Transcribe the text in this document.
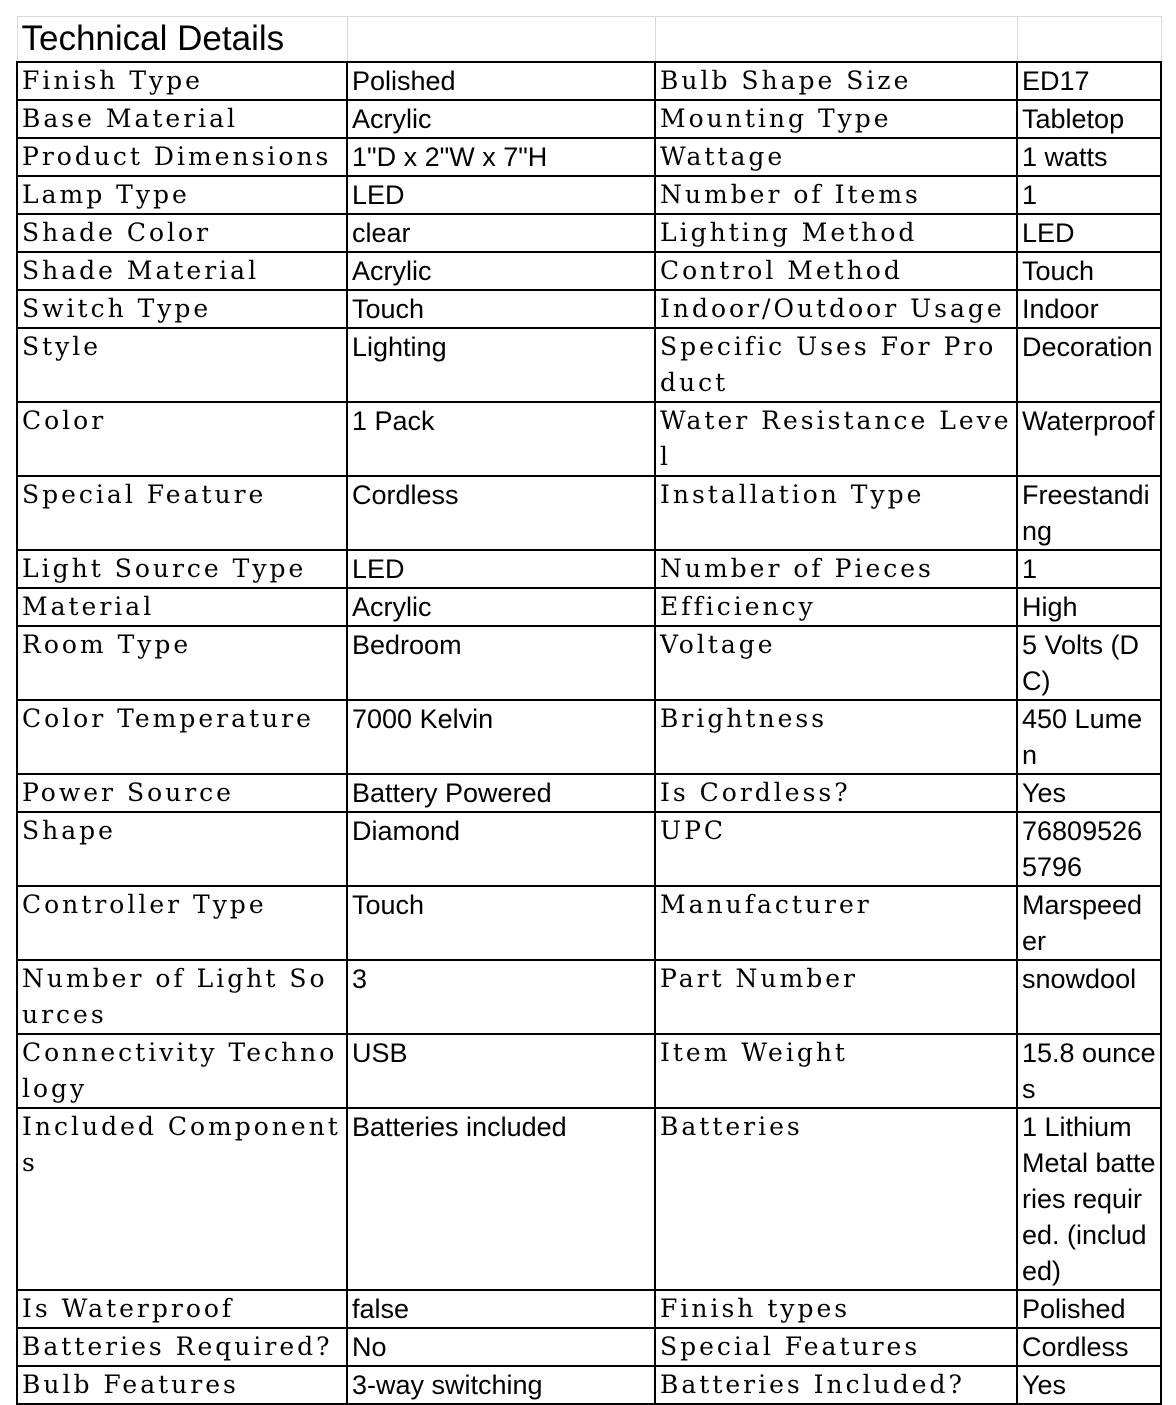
Technical Details			
Finish Type	Polished	Bulb Shape Size	ED17
Base Material	Acrylic	Mounting Type	Tabletop
Product Dimensions	1"D x 2"W x 7"H	Wattage	1 watts
Lamp Type	LED	Number of Items	1
Shade Color	clear	Lighting Method	LED
Shade Material	Acrylic	Control Method	Touch
Switch Type	Touch	Indoor/Outdoor Usage	Indoor
Style	Lighting	Specific Uses For Product	Decoration
Color	1 Pack	Water Resistance Level	Waterproof
Special Feature	Cordless	Installation Type	Freestanding
Light Source Type	LED	Number of Pieces	1
Material	Acrylic	Efficiency	High
Room Type	Bedroom	Voltage	5 Volts (DC)
Color Temperature	7000 Kelvin	Brightness	450 Lumen
Power Source	Battery Powered	Is Cordless?	Yes
Shape	Diamond	UPC	768095265796
Controller Type	Touch	Manufacturer	Marspeeder
Number of Light Sources	3	Part Number	snowdool
Connectivity Technology	USB	Item Weight	15.8 ounces
Included Components	Batteries included	Batteries	1 Lithium Metal batteries required. (included)
Is Waterproof	false	Finish types	Polished
Batteries Required?	No	Special Features	Cordless
Bulb Features	3-way switching	Batteries Included?	Yes
